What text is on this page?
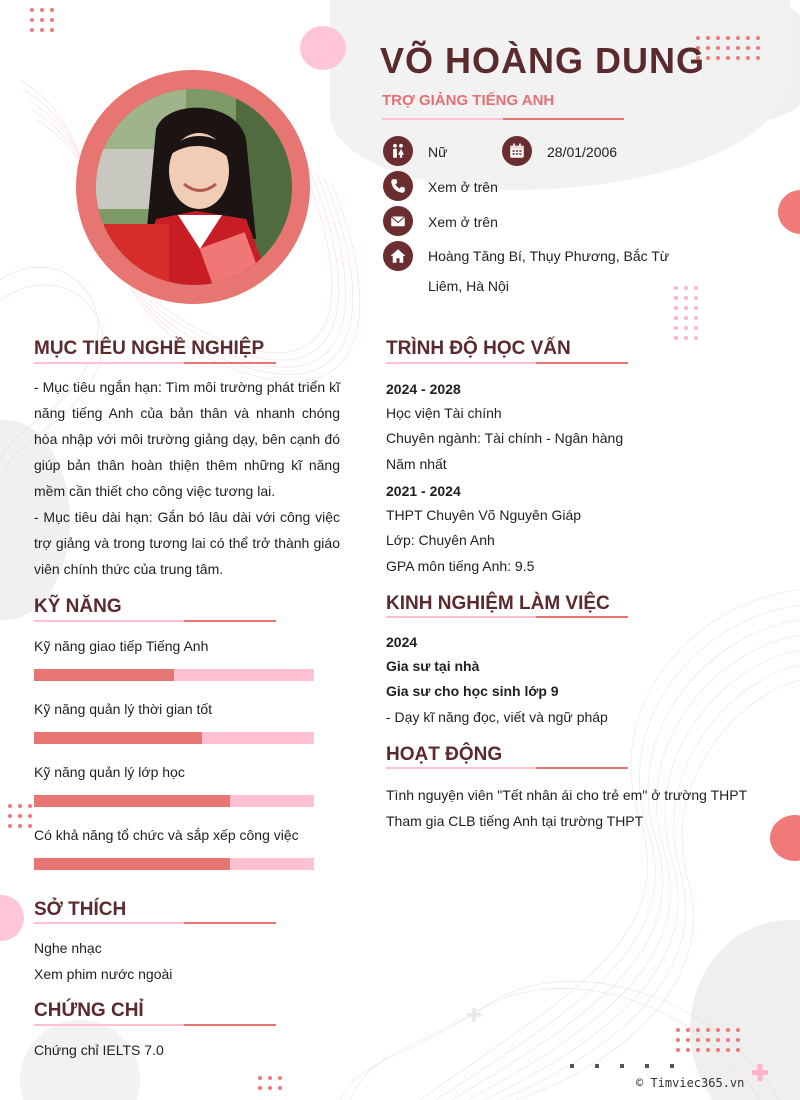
VÕ HOÀNG DUNG
TRỢ GIẢNG TIẾNG ANH
Nữ	28/01/2006
Xem ở trên
Xem ở trên
Hoàng Tăng Bí, Thụy Phương, Bắc Từ Liêm, Hà Nội
MỤC TIÊU NGHỀ NGHIỆP

- Mục tiêu ngắn hạn: Tìm môi trường phát triển kĩ năng tiếng Anh của bản thân và nhanh chóng hòa nhập với môi trường giảng dạy, bên cạnh đó giúp bản thân hoàn thiện thêm những kĩ năng mềm cần thiết cho công việc tương lai.

- Mục tiêu dài hạn: Gắn bó lâu dài với công việc trợ giảng và trong tương lai có thể trở thành giáo viên chính thức của trung tâm.

KỸ NĂNG
Kỹ năng giao tiếp Tiếng Anh
Kỹ năng quản lý thời gian tốt
Kỹ năng quản lý lớp học
Có khả năng tổ chức và sắp xếp công việc
SỞ THÍCH
Nghe nhạc
Xem phim nước ngoài
CHỨNG CHỈ
Chứng chỉ IELTS 7.0
TRÌNH ĐỘ HỌC VẤN
2024 - 2028
Học viện Tài chính
Chuyên ngành: Tài chính - Ngân hàng
Năm nhất
2021 - 2024
THPT Chuyên Võ Nguyên Giáp
Lớp: Chuyên Anh
GPA môn tiếng Anh: 9.5
KINH NGHIỆM LÀM VIỆC
2024
Gia sư tại nhà
Gia sư cho học sinh lớp 9
- Dạy kĩ năng đọc, viết và ngữ pháp
HOẠT ĐỘNG
Tình nguyện viên "Tết nhân ái cho trẻ em" ở trường THPT
Tham gia CLB tiếng Anh tại trường THPT
© Timviec365.vn
